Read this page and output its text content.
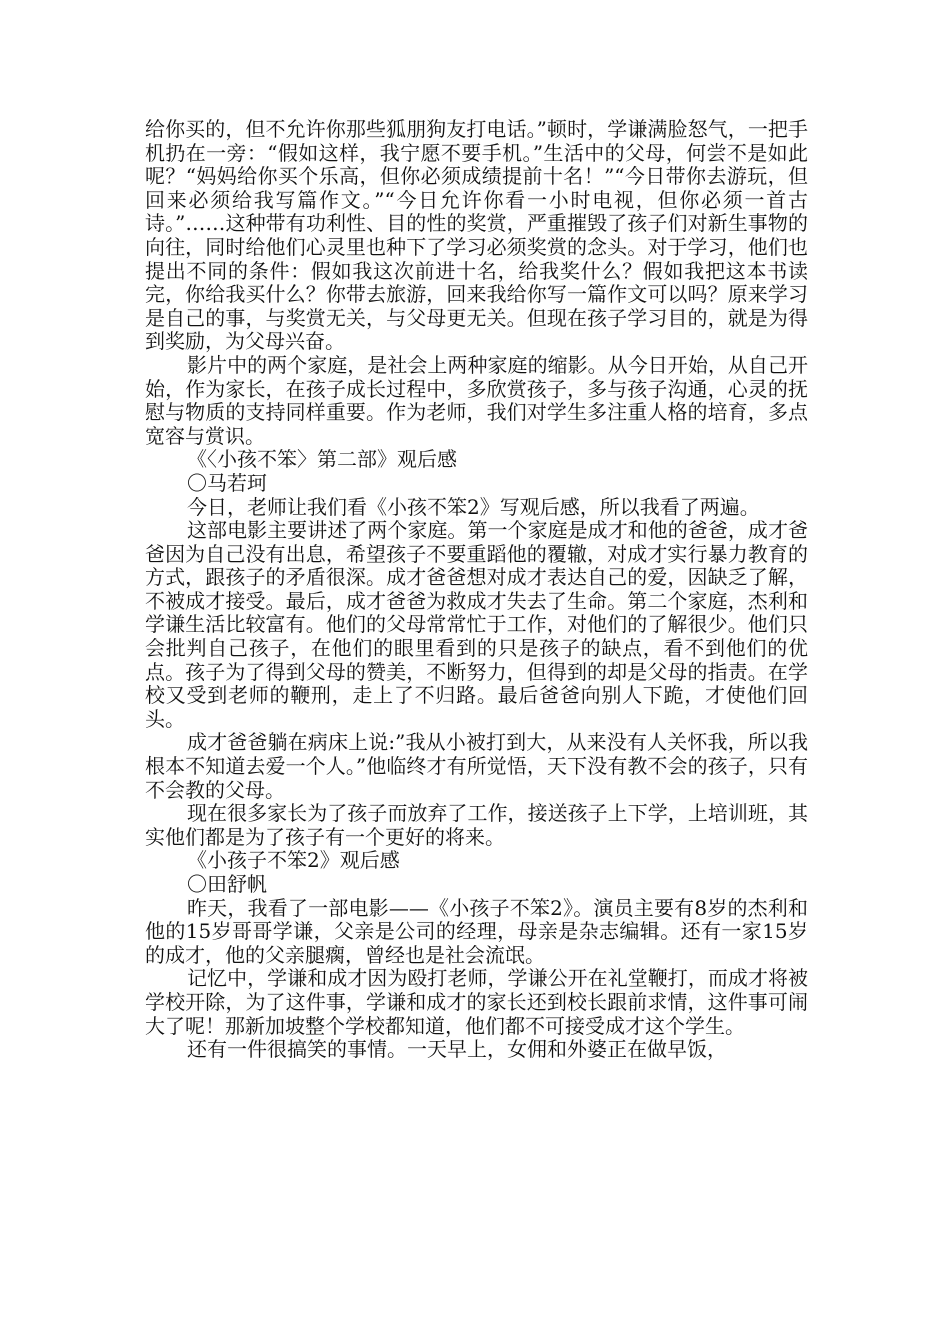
给你买的，但不允许你那些狐朋狗友打电话。”顿时，学谦满脸怒气，一把手机扔在一旁：“假如这样，我宁愿不要手机。”生活中的父母，何尝不是如此呢？“妈妈给你买个乐高，但你必须成绩提前十名！”“今日带你去游玩，但回来必须给我写篇作文。”“今日允许你看一小时电视，但你必须一首古诗。”……这种带有功利性、目的性的奖赏，严重摧毁了孩子们对新生事物的向往，同时给他们心灵里也种下了学习必须奖赏的念头。对于学习，他们也提出不同的条件：假如我这次前进十名，给我奖什么？假如我把这本书读完，你给我买什么？你带去旅游，回来我给你写一篇作文可以吗？原来学习是自己的事，与奖赏无关，与父母更无关。但现在孩子学习目的，就是为得到奖励，为父母兴奋。

影片中的两个家庭，是社会上两种家庭的缩影。从今日开始，从自己开始，作为家长，在孩子成长过程中，多欣赏孩子，多与孩子沟通，心灵的抚慰与物质的支持同样重要。作为老师，我们对学生多注重人格的培育，多点宽容与赏识。

《〈小孩不笨〉第二部》观后感

〇马若珂

今日，老师让我们看《小孩不笨2》写观后感，所以我看了两遍。

这部电影主要讲述了两个家庭。第一个家庭是成才和他的爸爸，成才爸爸因为自己没有出息，希望孩子不要重蹈他的覆辙，对成才实行暴力教育的方式，跟孩子的矛盾很深。成才爸爸想对成才表达自己的爱，因缺乏了解，不被成才接受。最后，成才爸爸为救成才失去了生命。第二个家庭，杰利和学谦生活比较富有。他们的父母常常忙于工作，对他们的了解很少。他们只会批判自己孩子，在他们的眼里看到的只是孩子的缺点，看不到他们的优点。孩子为了得到父母的赞美，不断努力，但得到的却是父母的指责。在学校又受到老师的鞭刑，走上了不归路。最后爸爸向别人下跪，才使他们回头。

成才爸爸躺在病床上说:”我从小被打到大，从来没有人关怀我，所以我根本不知道去爱一个人。”他临终才有所觉悟，天下没有教不会的孩子，只有不会教的父母。

现在很多家长为了孩子而放弃了工作，接送孩子上下学，上培训班，其实他们都是为了孩子有一个更好的将来。

《小孩子不笨2》观后感

〇田舒帆

昨天，我看了一部电影——《小孩子不笨2》。演员主要有8岁的杰利和他的15岁哥哥学谦，父亲是公司的经理，母亲是杂志编辑。还有一家15岁的成才，他的父亲腿瘸，曾经也是社会流氓。

记忆中，学谦和成才因为殴打老师，学谦公开在礼堂鞭打，而成才将被学校开除，为了这件事，学谦和成才的家长还到校长跟前求情，这件事可闹大了呢！那新加坡整个学校都知道，他们都不可接受成才这个学生。

还有一件很搞笑的事情。一天早上，女佣和外婆正在做早饭，
